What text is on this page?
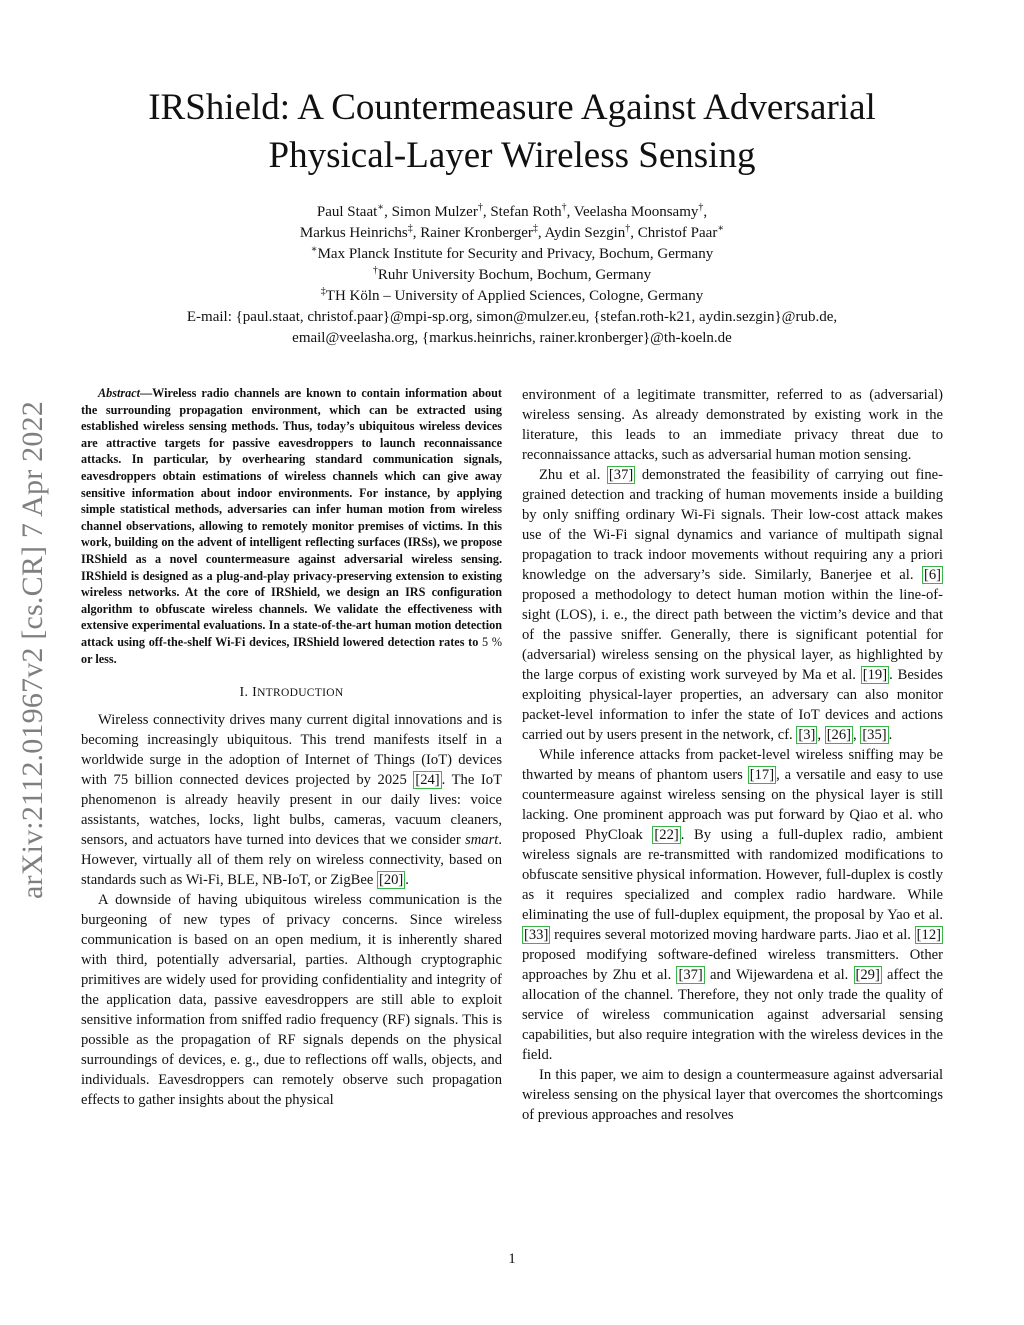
arXiv:2112.01967v2 [cs.CR] 7 Apr 2022
IRShield: A Countermeasure Against Adversarial
Physical-Layer Wireless Sensing
Paul Staat∗, Simon Mulzer†, Stefan Roth†, Veelasha Moonsamy†,
Markus Heinrichs‡, Rainer Kronberger‡, Aydin Sezgin†, Christof Paar∗
∗Max Planck Institute for Security and Privacy, Bochum, Germany
†Ruhr University Bochum, Bochum, Germany
‡TH Köln – University of Applied Sciences, Cologne, Germany
E-mail: {paul.staat, christof.paar}@mpi-sp.org, simon@mulzer.eu, {stefan.roth-k21, aydin.sezgin}@rub.de,
email@veelasha.org, {markus.heinrichs, rainer.kronberger}@th-koeln.de

Abstract—Wireless radio channels are known to contain information about the surrounding propagation environment, which can be extracted using established wireless sensing methods. Thus, today’s ubiquitous wireless devices are attractive targets for passive eavesdroppers to launch reconnaissance attacks. In particular, by overhearing standard communication signals, eavesdroppers obtain estimations of wireless channels which can give away sensitive information about indoor environments. For instance, by applying simple statistical methods, adversaries can infer human motion from wireless channel observations, allowing to remotely monitor premises of victims. In this work, building on the advent of intelligent reflecting surfaces (IRSs), we propose IRShield as a novel countermeasure against adversarial wireless sensing. IRShield is designed as a plug-and-play privacy-preserving extension to existing wireless networks. At the core of IRShield, we design an IRS configuration algorithm to obfuscate wireless channels. We validate the effectiveness with extensive experimental evaluations. In a state-of-the-art human motion detection attack using off-the-shelf Wi-Fi devices, IRShield lowered detection rates to 5 % or less.

I. INTRODUCTION

Wireless connectivity drives many current digital innovations and is becoming increasingly ubiquitous. This trend manifests itself in a worldwide surge in the adoption of Internet of Things (IoT) devices with 75 billion connected devices projected by 2025 [24] . The IoT phenomenon is already heavily present in our daily lives: voice assistants, watches, locks, light bulbs, cameras, vacuum cleaners, sensors, and actuators have turned into devices that we consider smart. However, virtually all of them rely on wireless connectivity, based on standards such as Wi-Fi, BLE, NB-IoT, or ZigBee [20] .

A downside of having ubiquitous wireless communication is the burgeoning of new types of privacy concerns. Since wireless communication is based on an open medium, it is inherently shared with third, potentially adversarial, parties. Although cryptographic primitives are widely used for providing confidentiality and integrity of the application data, passive eavesdroppers are still able to exploit sensitive information from sniffed radio frequency (RF) signals. This is possible as the propagation of RF signals depends on the physical surroundings of devices, e. g., due to reflections off walls, objects, and individuals. Eavesdroppers can remotely observe such propagation effects to gather insights about the physical

environment of a legitimate transmitter, referred to as (adversarial) wireless sensing. As already demonstrated by existing work in the literature, this leads to an immediate privacy threat due to reconnaissance attacks, such as adversarial human motion sensing.

Zhu et al. [37] demonstrated the feasibility of carrying out fine-grained detection and tracking of human movements inside a building by only sniffing ordinary Wi-Fi signals. Their low-cost attack makes use of the Wi-Fi signal dynamics and variance of multipath signal propagation to track indoor movements without requiring any a priori knowledge on the adversary’s side. Similarly, Banerjee et al. [6] proposed a methodology to detect human motion within the line-of-sight (LOS), i. e., the direct path between the victim’s device and that of the passive sniffer. Generally, there is significant potential for (adversarial) wireless sensing on the physical layer, as highlighted by the large corpus of existing work surveyed by Ma et al. [19] . Besides exploiting physical-layer properties, an adversary can also monitor packet-level information to infer the state of IoT devices and actions carried out by users present in the network, cf. [3] , [26] , [35] .

While inference attacks from packet-level wireless sniffing may be thwarted by means of phantom users [17] , a versatile and easy to use countermeasure against wireless sensing on the physical layer is still lacking. One prominent approach was put forward by Qiao et al. who proposed PhyCloak [22] . By using a full-duplex radio, ambient wireless signals are re-transmitted with randomized modifications to obfuscate sensitive physical information. However, full-duplex is costly as it requires specialized and complex radio hardware. While eliminating the use of full-duplex equipment, the proposal by Yao et al. [33] requires several motorized moving hardware parts. Jiao et al. [12] proposed modifying software-defined wireless transmitters. Other approaches by Zhu et al. [37] and Wijewardena et al. [29] affect the allocation of the channel. Therefore, they not only trade the quality of service of wireless communication against adversarial sensing capabilities, but also require integration with the wireless devices in the field.

In this paper, we aim to design a countermeasure against adversarial wireless sensing on the physical layer that overcomes the shortcomings of previous approaches and resolves

1
